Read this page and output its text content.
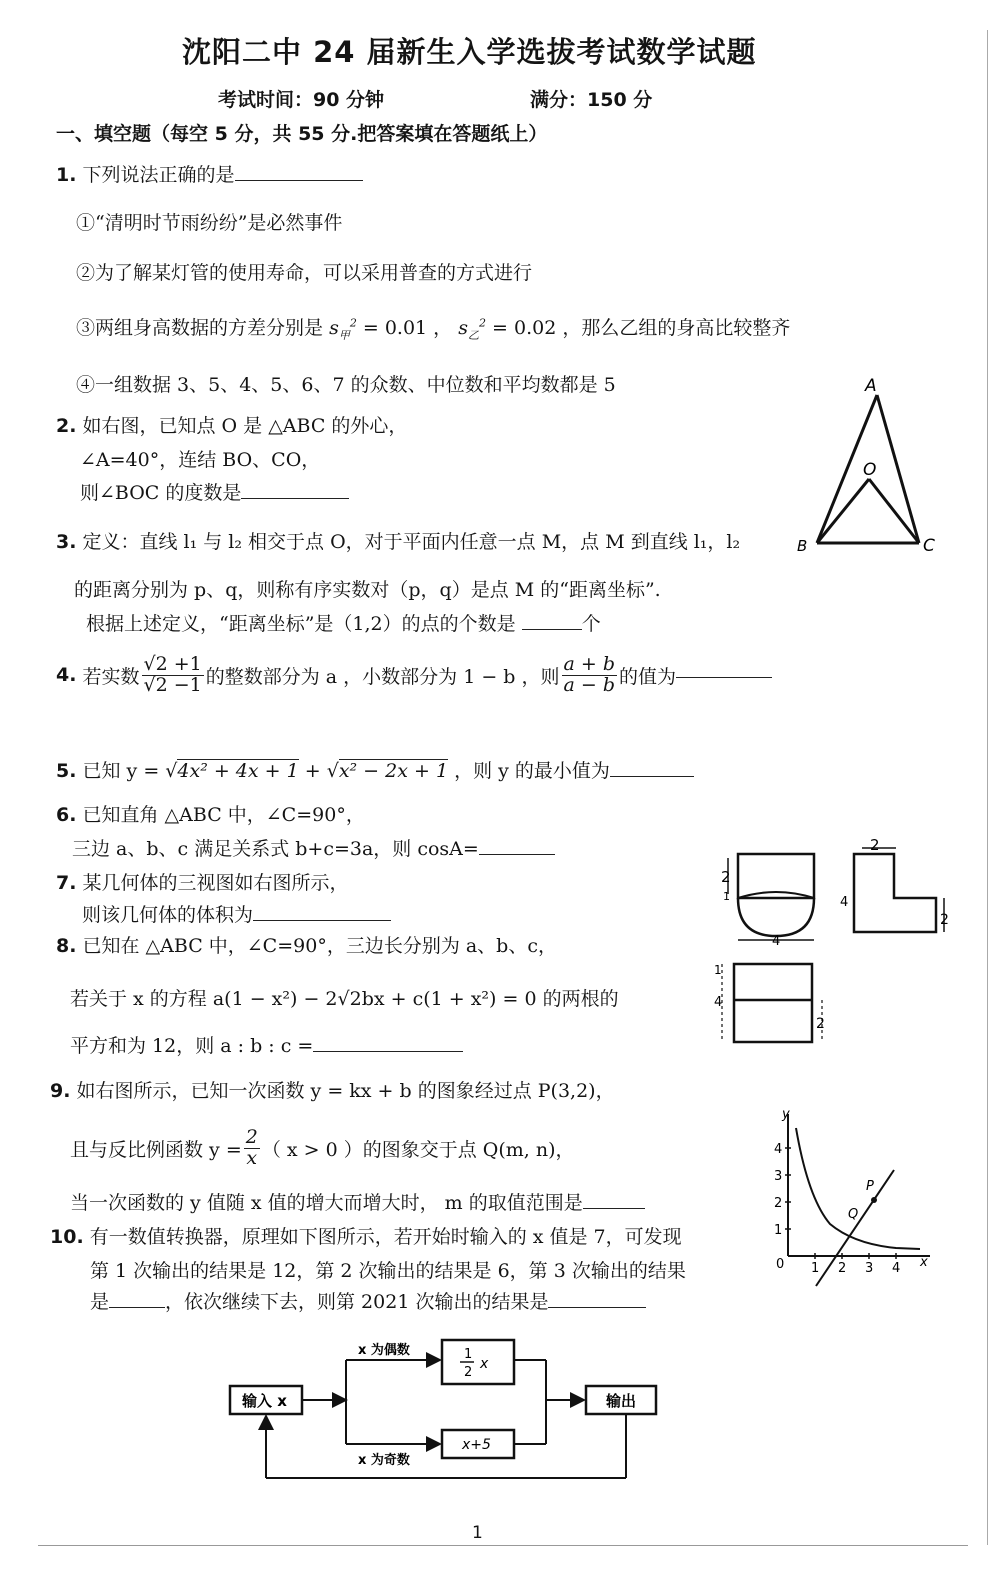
沈阳二中 24 届新生入学选拔考试数学试题
考试时间：90 分钟	满分：150 分
一、填空题（每空 5 分，共 55 分.把答案填在答题纸上）
1. 下列说法正确的是
①“清明时节雨纷纷”是必然事件
②为了解某灯管的使用寿命，可以采用普查的方式进行
③两组身高数据的方差分别是 $s_甲^2 = 0.01$ ， $s_乙^2 = 0.02$ ，那么乙组的身高比较整齐
④一组数据 3、5、4、5、6、7 的众数、中位数和平均数都是 5
2. 如右图，已知点 O 是 △ABC 的外心，
∠A=40°，连结 BO、CO，
则∠BOC 的度数是
A
O
B	C
3. 定义：直线 l₁ 与 l₂ 相交于点 O，对于平面内任意一点 M，点 M 到直线 l₁，l₂
的距离分别为 p、q，则称有序实数对（p，q）是点 M 的“距离坐标”.
根据上述定义，“距离坐标”是（1,2）的点的个数是	个
4.
若实数 $\frac{√2 +1}{√2 -1}$ 的整数部分为 a ，小数部分为 1 − b ，则 $\frac{a + b}{a - b}$ 的值为
5. 已知 y = √4x² + 4x + 1 + √x² − 2x + 1 ，则 y 的最小值为
6. 已知直角 △ABC 中，∠C=90°，
三边 a、b、c 满足关系式 b+c=3a，则 cosA=
7. 某几何体的三视图如右图所示，
则该几何体的体积为
2
1
4
2
4
2
1
4
2
8. 已知在 △ABC 中，∠C=90°，三边长分别为 a、b、c，
若关于 x 的方程 a(1 − x²) − 2√2bx + c(1 + x²) = 0 的两根的
平方和为 12，则 a : b : c =
9. 如右图所示，已知一次函数 y = kx + b 的图象经过点 P(3,2)，
且与反比例函数 $y = \frac{2}{x}$ （ x > 0 ）的图象交于点 Q(m, n)，
当一次函数的 y 值随 x 值的增大而增大时， m 的取值范围是
y
x
0
1
2
3
4
1 2 3 4
P
Q
10. 有一数值转换器，原理如下图所示，若开始时输入的 x 值是 7，可发现
第 1 次输出的结果是 12，第 2 次输出的结果是 6，第 3 次输出的结果
是	，依次继续下去，则第 2021 次输出的结果是
输入 x
x 为偶数
x 为奇数
1
2
x
x+5
输出
1
